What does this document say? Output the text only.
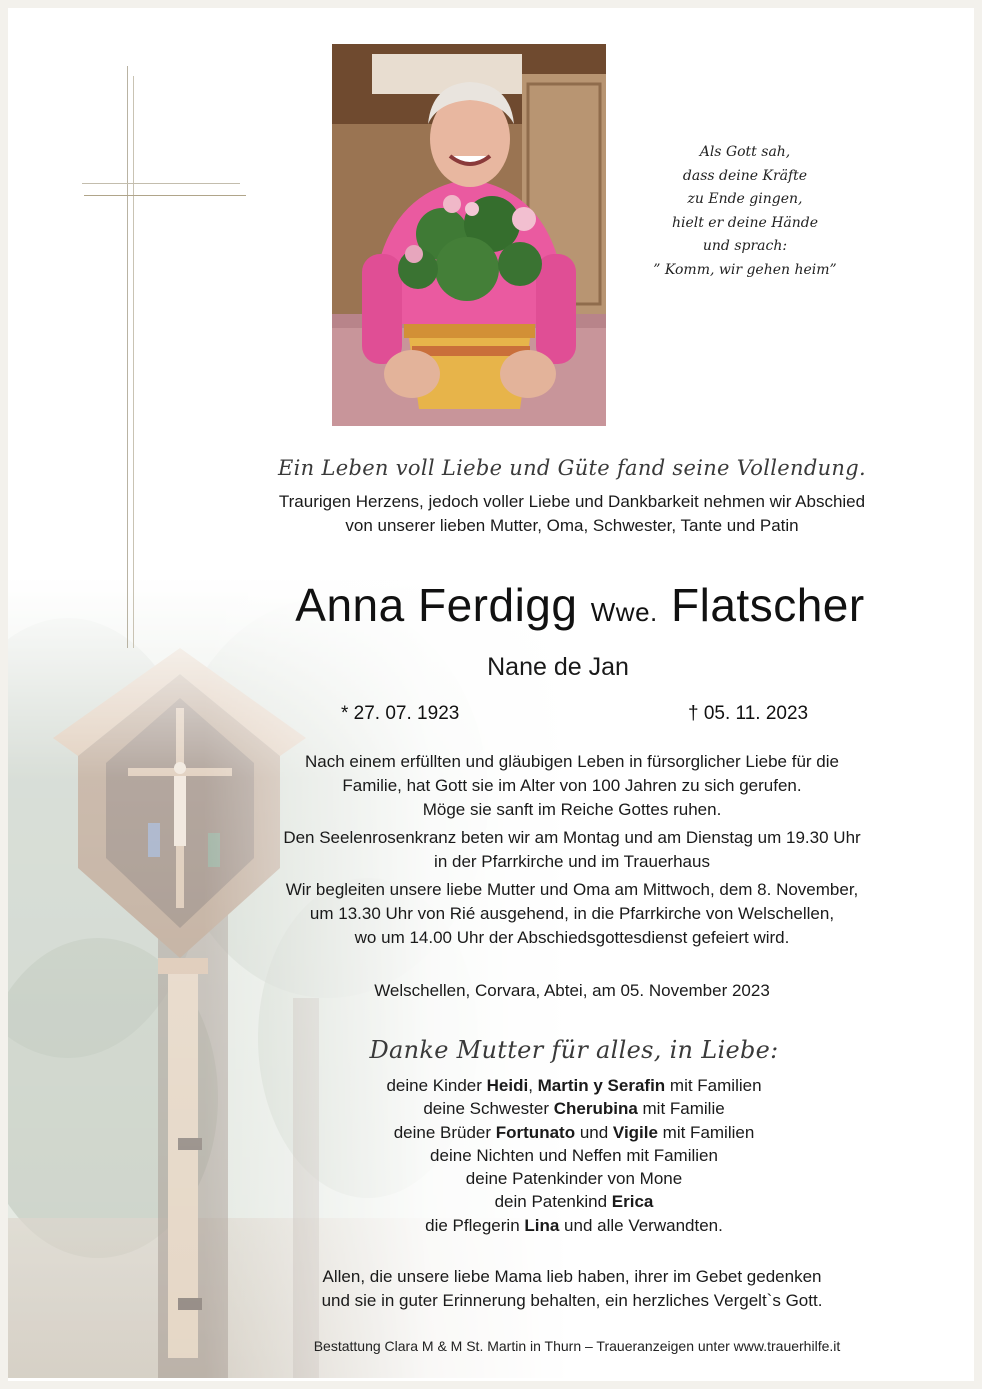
Als Gott sah,
dass deine Kräfte
zu Ende gingen,
hielt er deine Hände
und sprach:
” Komm, wir gehen heim”
Ein Leben voll Liebe und Güte fand seine Vollendung.
Traurigen Herzens, jedoch voller Liebe und Dankbarkeit nehmen wir Abschied
von unserer lieben Mutter, Oma, Schwester, Tante und Patin
Anna Ferdigg Wwe. Flatscher
Nane de Jan
* 27. 07. 1923	† 05. 11. 2023
Nach einem erfüllten und gläubigen Leben in fürsorglicher Liebe für die
Familie, hat Gott sie im Alter von 100 Jahren zu sich gerufen.
Möge sie sanft im Reiche Gottes ruhen.
Den Seelenrosenkranz beten wir am Montag und am Dienstag um 19.30 Uhr
in der Pfarrkirche und im Trauerhaus
Wir begleiten unsere liebe Mutter und Oma am Mittwoch, dem 8. November,
um 13.30 Uhr von Rié ausgehend, in die Pfarrkirche von Welschellen,
wo um 14.00 Uhr der Abschiedsgottesdienst gefeiert wird.
Welschellen, Corvara, Abtei, am 05. November 2023
Danke Mutter für alles, in Liebe:
deine Kinder Heidi, Martin y Serafin mit Familien
deine Schwester Cherubina mit Familie
deine Brüder Fortunato und Vigile mit Familien
deine Nichten und Neffen mit Familien
deine Patenkinder von Mone
dein Patenkind Erica
die Pflegerin Lina und alle Verwandten.
Allen, die unsere liebe Mama lieb haben, ihrer im Gebet gedenken
und sie in guter Erinnerung behalten, ein herzliches Vergelt`s Gott.
Bestattung Clara M & M St. Martin in Thurn – Traueranzeigen unter www.trauerhilfe.it
